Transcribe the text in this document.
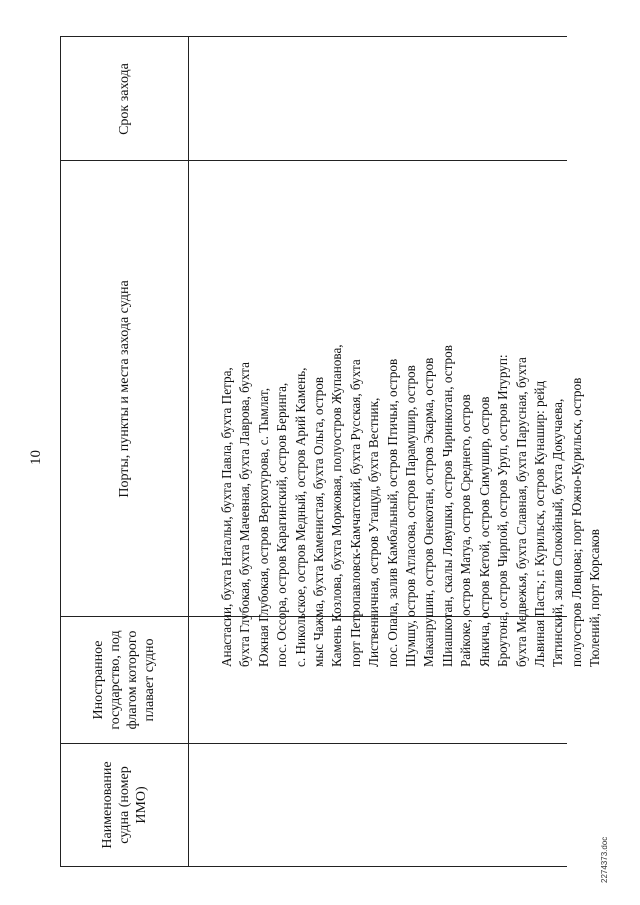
10
2274373.doc
Наименование судна (номер ИМО)
Иностранное государство, под флагом которого плавает судно
Порты, пункты и места захода судна
Срок захода
Анастасии, бухта Натальи, бухта Павла, бухта Петра, бухта Глубокая, бухта Мачевная, бухта Лаврова, бухта Южная Глубокая, остров Верхотурова, с. Тымлат, пос. Оссора, остров Карагинский, остров Беринга, с. Никольское, остров Медный, остров Арий Камень, мыс Чажма, бухта Каменистая, бухта Ольга, остров Камень Козлова, бухта Моржовая, полуостров Жупанова, порт Петропавловск-Камчатский, бухта Русская, бухта Лиственничная, остров Утащуд, бухта Вестник, пос. Опала, залив Камбальный, остров Птичьи, остров Шумшу, остров Атласова, остров Парамушир, остров Маканрушин, остров Онекотан, остров Экарма, остров Шиашкотан, скалы Ловушки, остров Чиринкотан, остров Райкоке, остров Матуа, остров Среднего, остров Янкича, остров Кетой, остров Симушир, остров Броутона, остров Чирпой, остров Уруп, остров Итуруп: бухта Медвежья, бухта Славная, бухта Парусная, бухта Львиная Пасть; г. Курильск, остров Кунашир: рейд Тятинский, залив Спокойный, бухта Докучаева, полуостров Ловцова; порт Южно-Курильск, остров Тюлений, порт Корсаков
